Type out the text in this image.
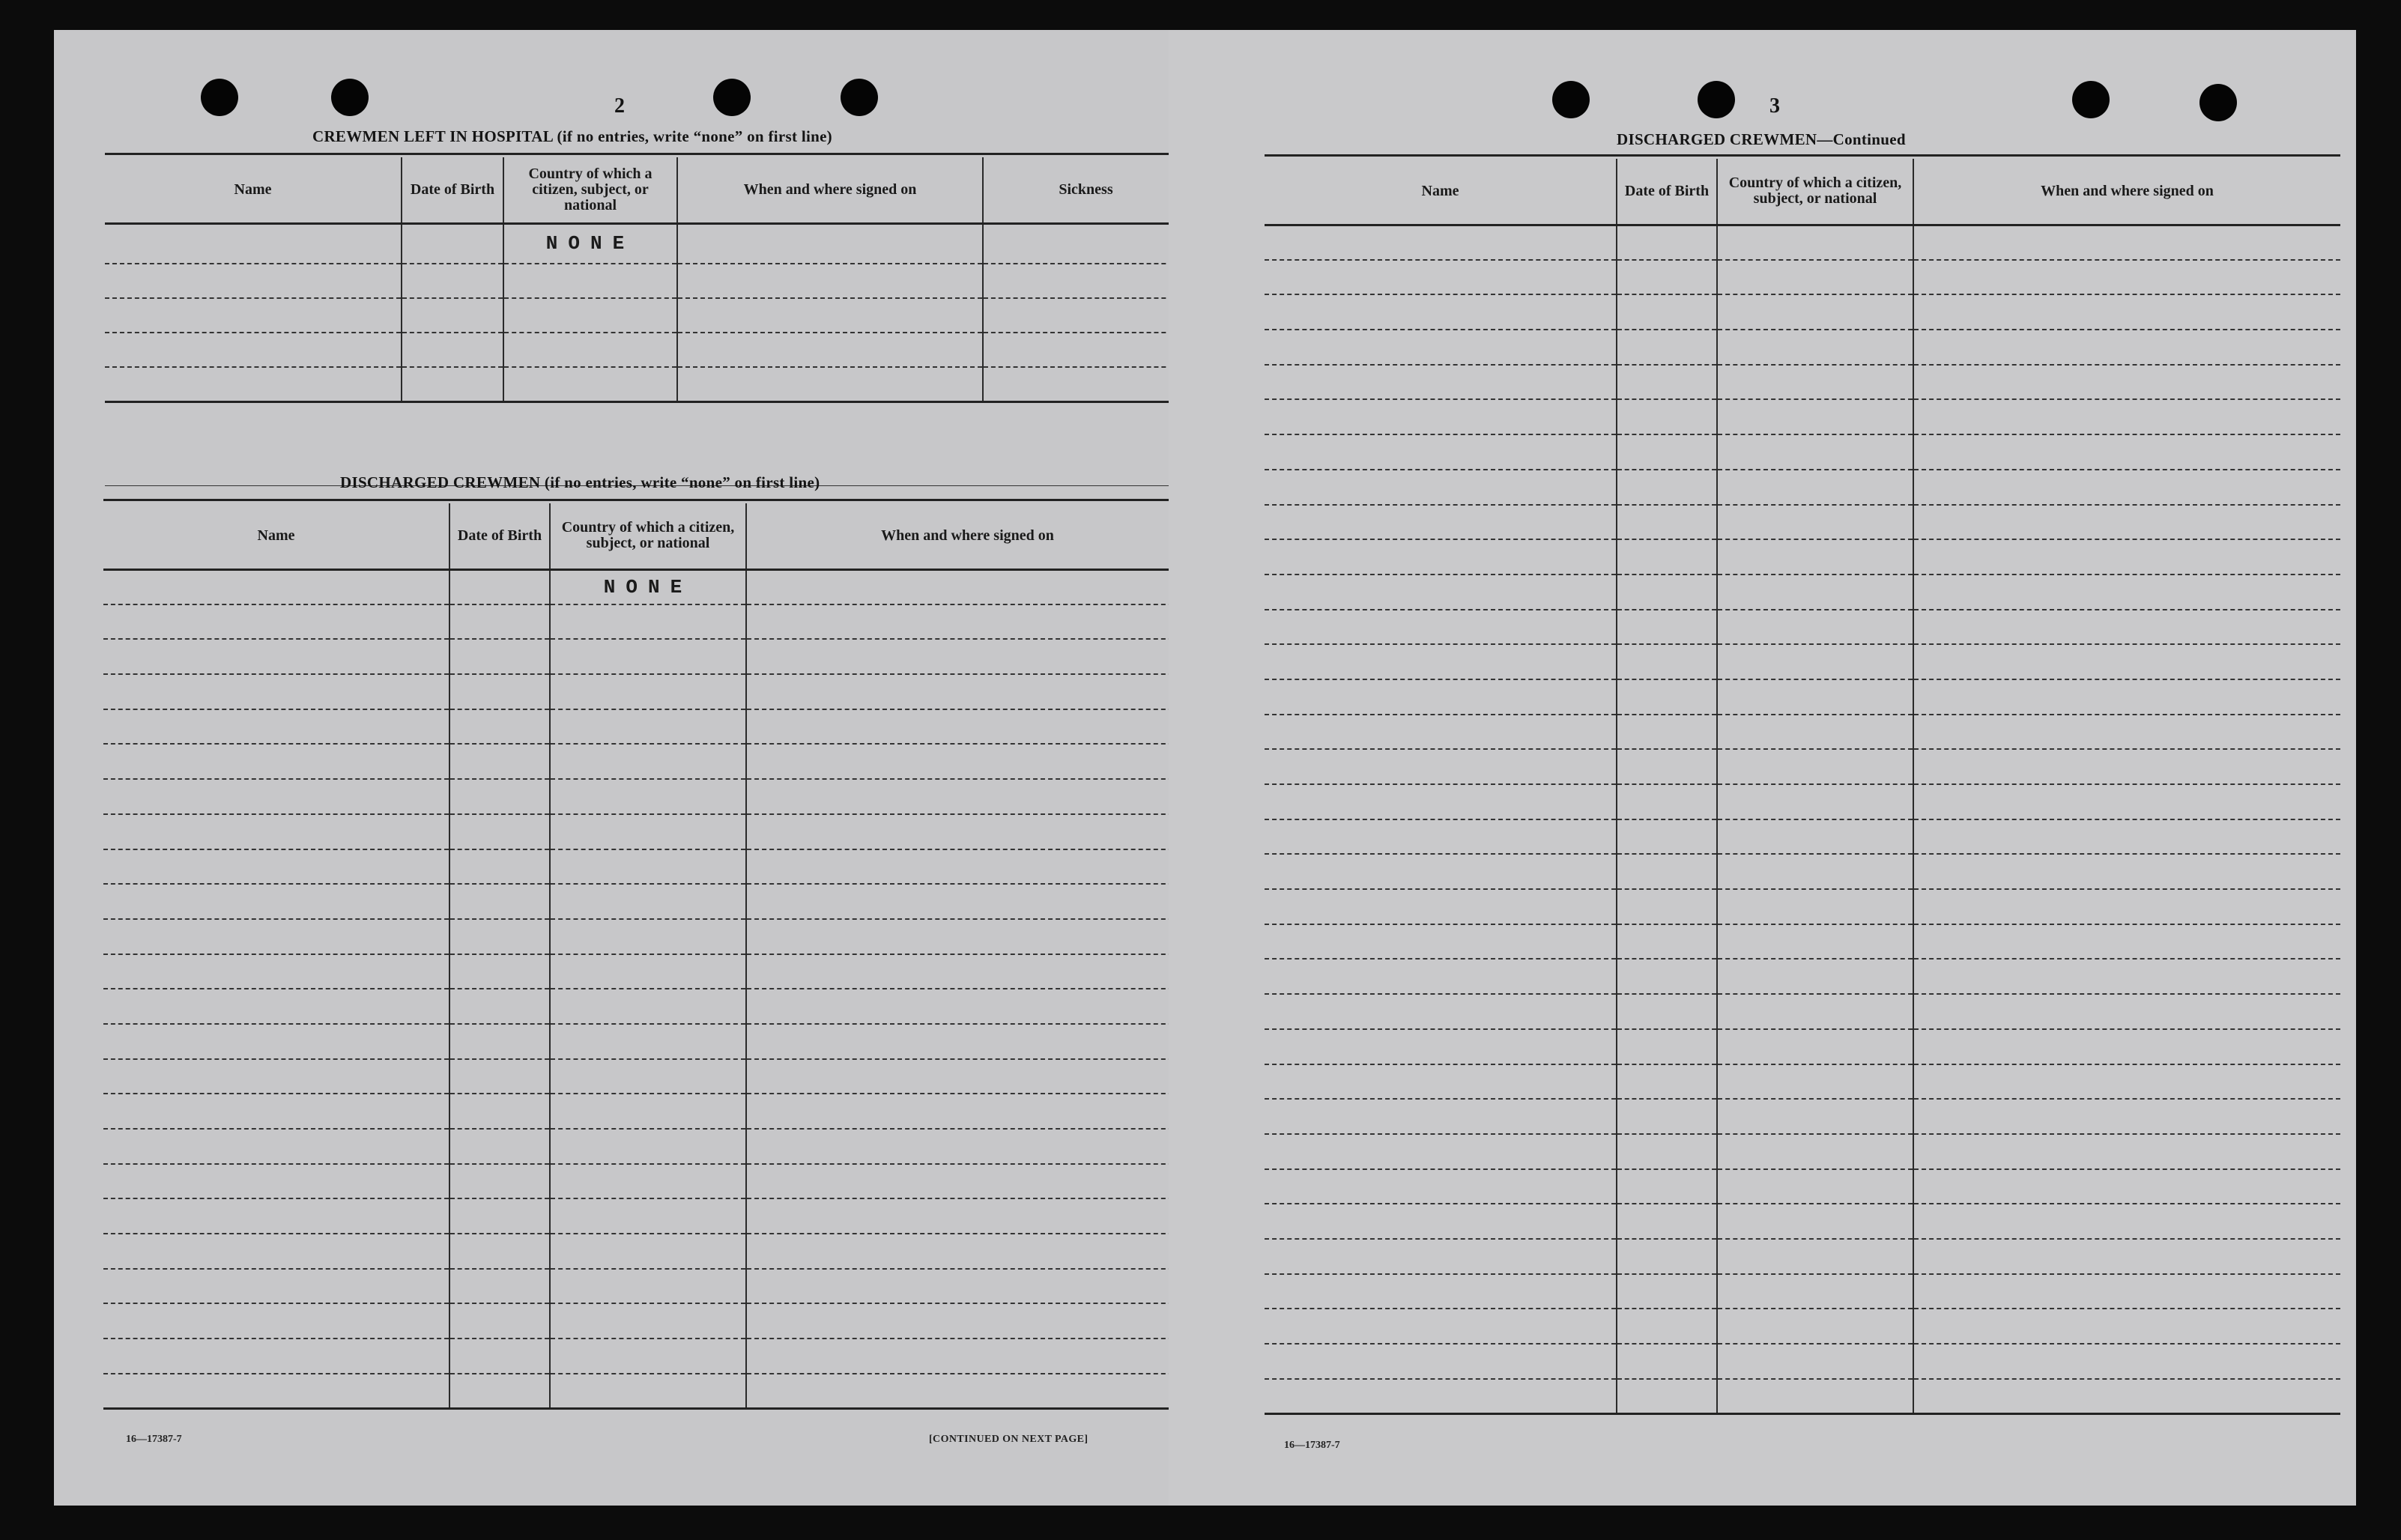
2
CREWMEN LEFT IN HOSPITAL (if no entries, write “none” on first line)
Name	Date of Birth	Country of which a citizen, subject, or national	When and where signed on	Sickness
		NONE		

DISCHARGED CREWMEN (if no entries, write “none” on first line)
Name	Date of Birth	Country of which a citizen, subject, or national	When and where signed on
		NONE	

16—17387-7	[CONTINUED ON NEXT PAGE]
3
DISCHARGED CREWMEN—Continued
Name	Date of Birth	Country of which a citizen, subject, or national	When and where signed on

16—17387-7
